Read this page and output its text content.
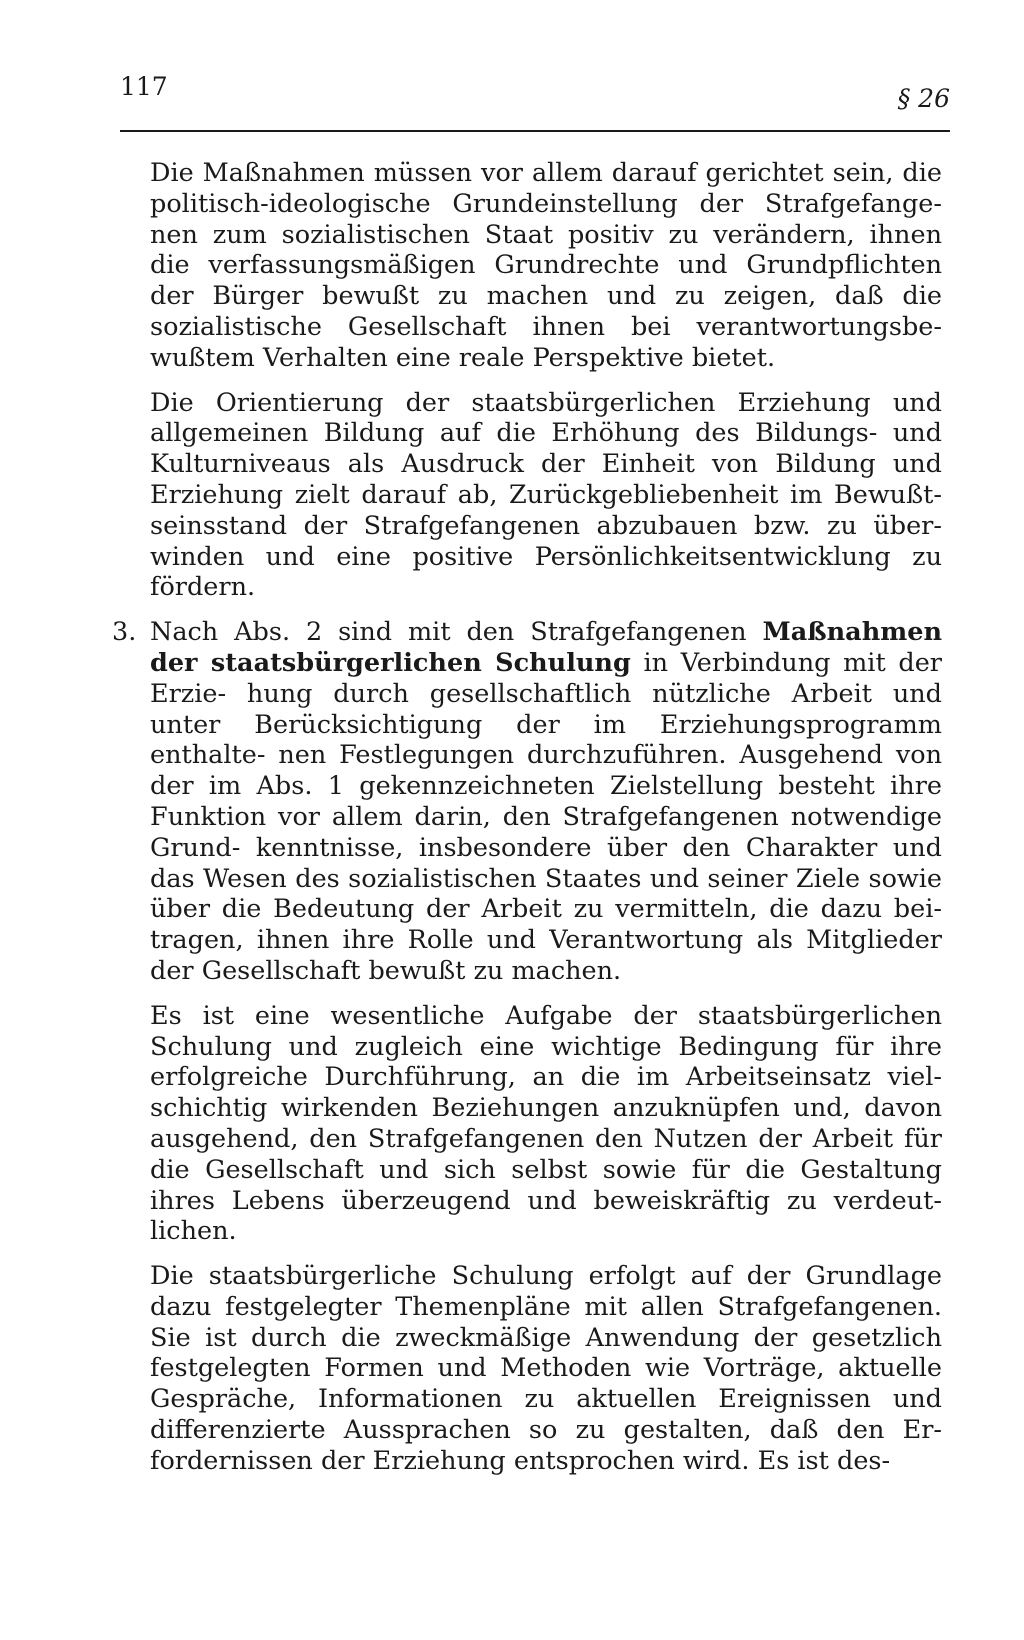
117	§ 26

Die Maßnahmen müssen vor allem darauf gerichtet sein, die politisch-ideologische Grundeinstellung der Strafgefange- nen zum sozialistischen Staat positiv zu verändern, ihnen die verfassungsmäßigen Grundrechte und Grundpflichten der Bürger bewußt zu machen und zu zeigen, daß die sozialistische Gesellschaft ihnen bei verantwortungsbe- wußtem Verhalten eine reale Perspektive bietet.

Die Orientierung der staatsbürgerlichen Erziehung und allgemeinen Bildung auf die Erhöhung des Bildungs- und Kulturniveaus als Ausdruck der Einheit von Bildung und Erziehung zielt darauf ab, Zurückgebliebenheit im Bewußt- seinsstand der Strafgefangenen abzubauen bzw. zu über- winden und eine positive Persönlichkeitsentwicklung zu fördern.

3. Nach Abs. 2 sind mit den Strafgefangenen Maßnahmen der staatsbürgerlichen Schulung in Verbindung mit der Erzie- hung durch gesellschaftlich nützliche Arbeit und unter Berücksichtigung der im Erziehungsprogramm enthalte- nen Festlegungen durchzuführen. Ausgehend von der im Abs. 1 gekennzeichneten Zielstellung besteht ihre Funktion vor allem darin, den Strafgefangenen notwendige Grund- kenntnisse, insbesondere über den Charakter und das Wesen des sozialistischen Staates und seiner Ziele sowie über die Bedeutung der Arbeit zu vermitteln, die dazu bei- tragen, ihnen ihre Rolle und Verantwortung als Mitglieder der Gesellschaft bewußt zu machen.

Es ist eine wesentliche Aufgabe der staatsbürgerlichen Schulung und zugleich eine wichtige Bedingung für ihre erfolgreiche Durchführung, an die im Arbeitseinsatz viel- schichtig wirkenden Beziehungen anzuknüpfen und, davon ausgehend, den Strafgefangenen den Nutzen der Arbeit für die Gesellschaft und sich selbst sowie für die Gestaltung ihres Lebens überzeugend und beweiskräftig zu verdeut- lichen.

Die staatsbürgerliche Schulung erfolgt auf der Grundlage dazu festgelegter Themenpläne mit allen Strafgefangenen. Sie ist durch die zweckmäßige Anwendung der gesetzlich festgelegten Formen und Methoden wie Vorträge, aktuelle Gespräche, Informationen zu aktuellen Ereignissen und differenzierte Aussprachen so zu gestalten, daß den Er- fordernissen der Erziehung entsprochen wird. Es ist des-
